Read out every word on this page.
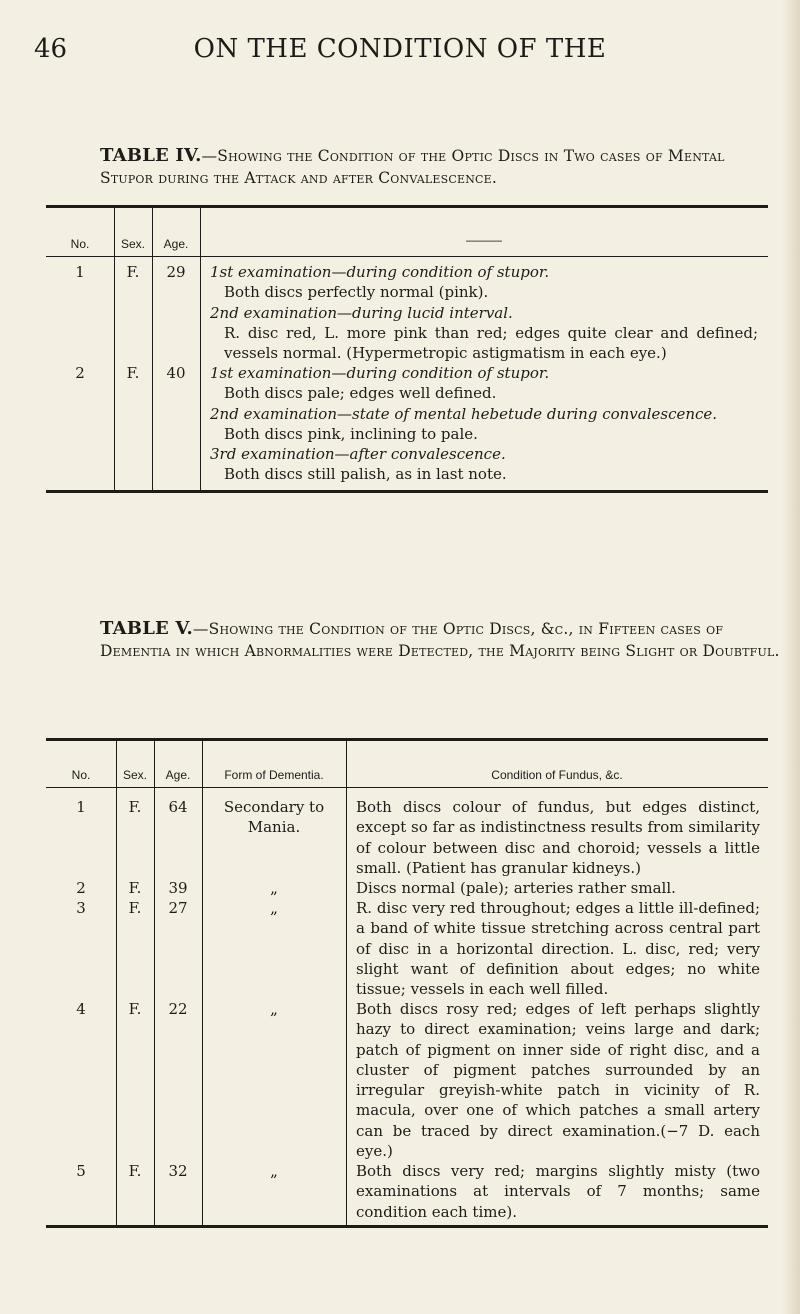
46	ON THE CONDITION OF THE
TABLE IV.—Showing the Condition of the Optic Discs in Two cases of Mental Stupor during the Attack and after Convalescence.
No.	Sex.	Age.	———
1	F.	29	1st examination—during condition of stupor.
Both discs perfectly normal (pink).
2nd examination—during lucid interval.
R. disc red, L. more pink than red; edges quite clear and defined; vessels normal. (Hypermetropic astigmatism in each eye.)
2	F.	40	1st examination—during condition of stupor.
Both discs pale; edges well defined.
2nd examination—state of mental hebetude during convalescence.
Both discs pink, inclining to pale.
3rd examination—after convalescence.
Both discs still palish, as in last note.
TABLE V.—Showing the Condition of the Optic Discs, &c., in Fifteen cases of Dementia in which Abnormalities were Detected, the Majority being Slight or Doubtful.
No.	Sex.	Age.	Form of Dementia.	Condition of Fundus, &c.
1	F.	64	Secondary to Mania.
Both discs colour of fundus, but edges distinct, except so far as indistinctness results from similarity of colour between disc and choroid; vessels a little small. (Patient has granular kidneys.)
2	F.	39	„	Discs normal (pale); arteries rather small.
3	F.	27	„	R. disc very red throughout; edges a little ill-defined; a band of white tissue stretching across central part of disc in a horizontal direction. L. disc, red; very slight want of definition about edges; no white tissue; vessels in each well filled.
4	F.	22	„	Both discs rosy red; edges of left perhaps slightly hazy to direct examination; veins large and dark; patch of pigment on inner side of right disc, and a cluster of pigment patches surrounded by an irregular greyish-white patch in vicinity of R. macula, over one of which patches a small artery can be traced by direct examination.(−7 D. each eye.)
5	F.	32	„	Both discs very red; margins slightly misty (two examinations at intervals of 7 months; same condition each time).
